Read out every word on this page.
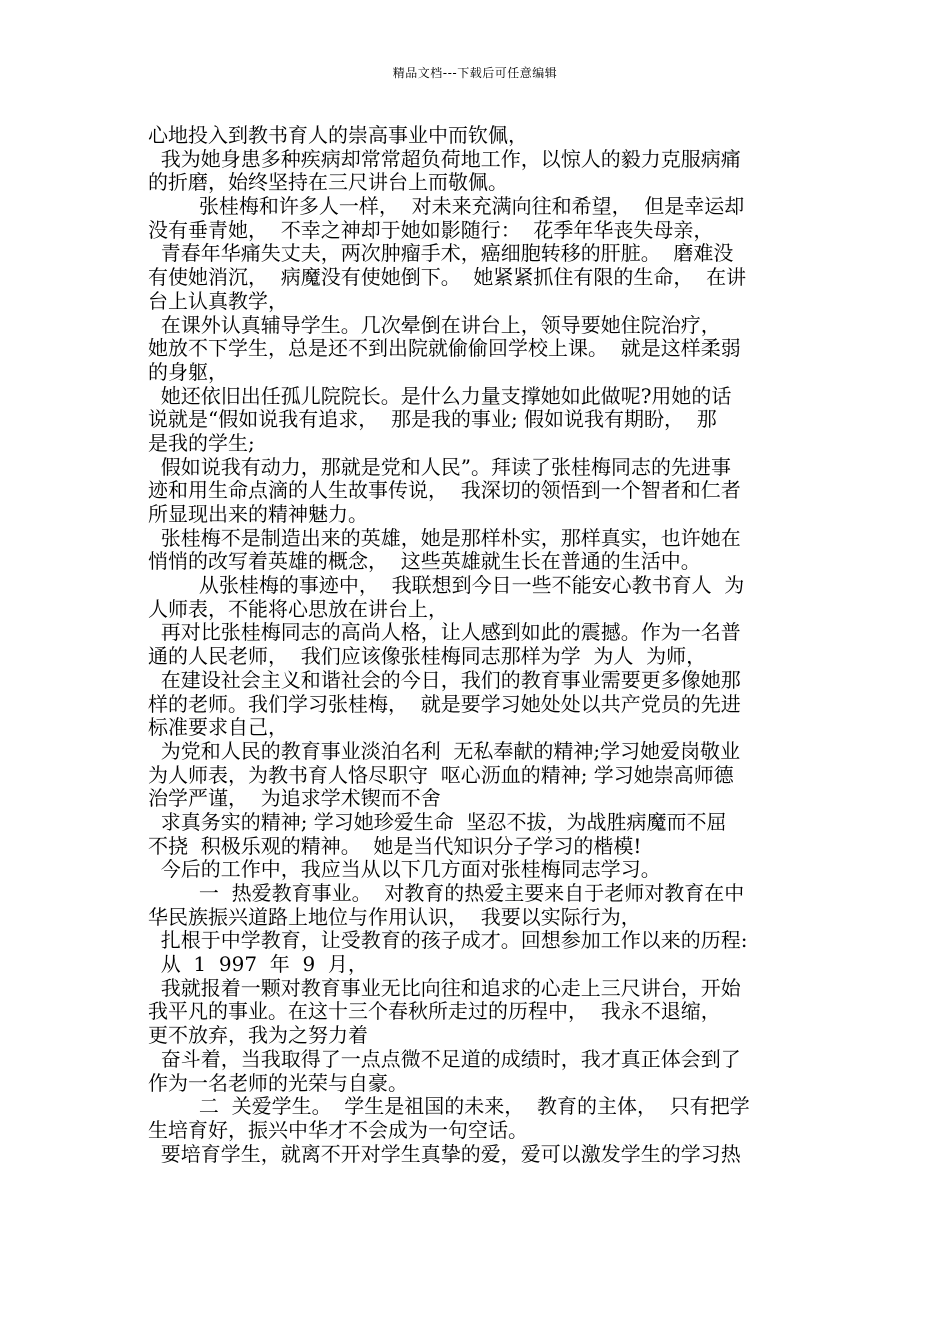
精品文档---下载后可任意编辑
心地投入到教书育人的崇高事业中而钦佩，
我为她身患多种疾病却常常超负荷地工作，以惊人的毅力克服病痛
的折磨，始终坚持在三尺讲台上而敬佩。
张桂梅和许多人一样，  对未来充满向往和希望，  但是幸运却
没有垂青她，  不幸之神却于她如影随行：  花季年华丧失母亲，
青春年华痛失丈夫，两次肿瘤手术，癌细胞转移的肝脏。  磨难没
有使她消沉，  病魔没有使她倒下。  她紧紧抓住有限的生命，  在讲
台上认真教学，
在课外认真辅导学生。几次晕倒在讲台上，领导要她住院治疗，
她放不下学生，总是还不到出院就偷偷回学校上课。  就是这样柔弱
的身躯，
她还依旧出任孤儿院院长。是什么力量支撑她如此做呢?用她的话
说就是“假如说我有追求，  那是我的事业; 假如说我有期盼，  那
是我的学生;
假如说我有动力，那就是党和人民”。拜读了张桂梅同志的先进事
迹和用生命点滴的人生故事传说，  我深切的领悟到一个智者和仁者
所显现出来的精神魅力。
张桂梅不是制造出来的英雄，她是那样朴实，那样真实，也许她在
悄悄的改写着英雄的概念，  这些英雄就生长在普通的生活中。
从张桂梅的事迹中，  我联想到今日一些不能安心教书育人  为
人师表，不能将心思放在讲台上，
再对比张桂梅同志的高尚人格，让人感到如此的震撼。作为一名普
通的人民老师，  我们应该像张桂梅同志那样为学  为人  为师，
在建设社会主义和谐社会的今日，我们的教育事业需要更多像她那
样的老师。我们学习张桂梅，  就是要学习她处处以共产党员的先进
标准要求自己，
为党和人民的教育事业淡泊名利  无私奉献的精神;学习她爱岗敬业
为人师表，为教书育人恪尽职守  呕心沥血的精神; 学习她崇高师德
治学严谨，  为追求学术锲而不舍
求真务实的精神; 学习她珍爱生命  坚忍不拔，为战胜病魔而不屈
不挠  积极乐观的精神。  她是当代知识分子学习的楷模!
今后的工作中，我应当从以下几方面对张桂梅同志学习。
一  热爱教育事业。  对教育的热爱主要来自于老师对教育在中
华民族振兴道路上地位与作用认识，  我要以实际行为，
扎根于中学教育，让受教育的孩子成才。回想参加工作以来的历程:
从  1  997  年  9  月，
我就报着一颗对教育事业无比向往和追求的心走上三尺讲台，开始
我平凡的事业。在这十三个春秋所走过的历程中，  我永不退缩，
更不放弃，我为之努力着
奋斗着，当我取得了一点点微不足道的成绩时，我才真正体会到了
作为一名老师的光荣与自豪。
二  关爱学生。  学生是祖国的未来，  教育的主体，  只有把学
生培育好，振兴中华才不会成为一句空话。
要培育学生，就离不开对学生真挚的爱，爱可以激发学生的学习热
